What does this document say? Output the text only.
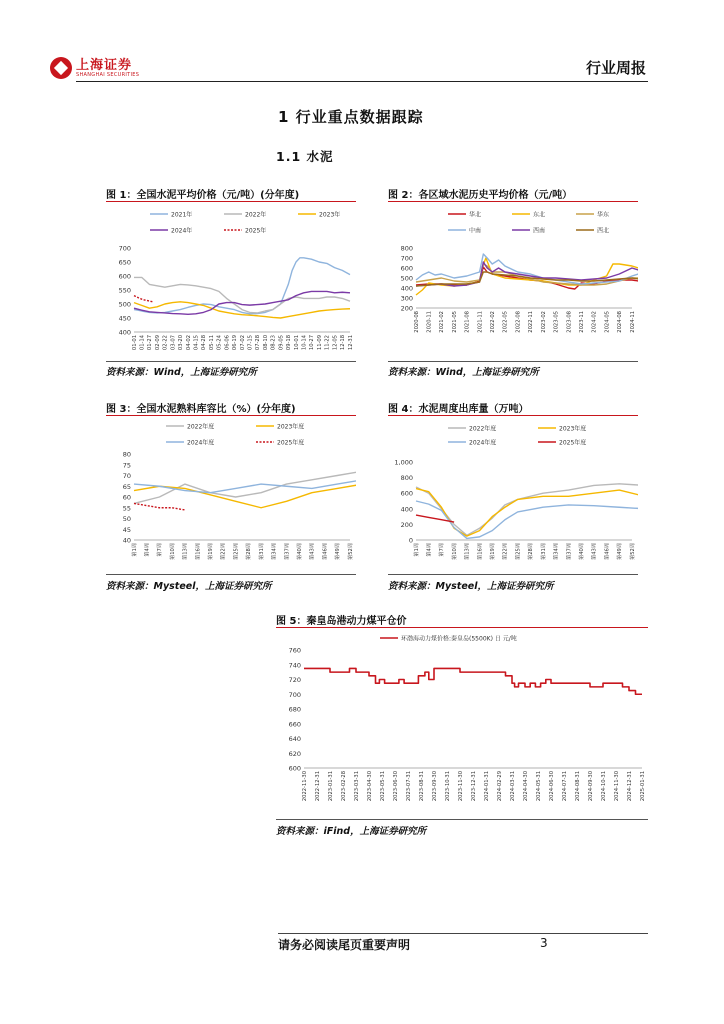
上海证券
SHANGHAI SECURITIES	行业周报
1 行业重点数据跟踪
1.1 水泥
图 1：全国水泥平均价格（元/吨）(分年度)
400
450
500
550
600
650
700
01-01 01-14 01-27 02-09 02-22 03-07 03-20 04-02 04-15 04-28 05-11 05-24 06-06 06-19 07-02 07-15 07-28 08-10 08-23 09-05 09-18 10-01 10-14 10-27 11-09 11-22 12-05 12-18 12-31
2021年	2022年	2023年
2024年	2025年
资料来源：Wind，上海证券研究所
图 2：各区域水泥历史平均价格（元/吨）
200
300
400
500
600
700
800
2020-08 2020-11 2021-02 2021-05 2021-08 2021-11 2022-02 2022-05 2022-08 2022-11 2023-02 2023-05 2023-08 2023-11 2024-02 2024-05 2024-08 2024-11
华北	东北	华东
中南	西南	西北
资料来源：Wind，上海证券研究所
图 3：全国水泥熟料库容比（%）(分年度)
40
45
50
55
60
65
70
75
80
第1周	第4周	第7周	第10周	第13周	第16周	第19周	第22周	第25周	第28周	第31周	第34周	第37周	第40周	第43周	第46周	第49周	第52周
2022年度	2023年度
2024年度	2025年度
资料来源：Mysteel，上海证券研究所
图 4：水泥周度出库量（万吨）
0
200
400
600
800
1,000
第1周	第4周	第7周	第10周	第13周	第16周	第19周	第22周	第25周	第28周	第31周	第34周	第37周	第40周	第43周	第46周	第49周	第52周
2022年度	2023年度
2024年度	2025年度
资料来源：Mysteel，上海证券研究所
图 5：秦皇岛港动力煤平仓价
600
620
640
660
680
700
720
740
760
2022-11-30 2022-12-31 2023-01-31 2023-02-28 2023-03-31 2023-04-30 2023-05-31 2023-06-30 2023-07-31 2023-08-31 2023-09-30 2023-10-31 2023-11-30 2023-12-31 2024-01-31 2024-02-29 2024-03-31 2024-04-30 2024-05-31 2024-06-30 2024-07-31 2024-08-31 2024-09-30 2024-10-31 2024-11-30 2024-12-31 2025-01-31
环渤海动力煤价格:秦皇岛(5500K) 日 元/吨
资料来源：iFind，上海证券研究所
请务必阅读尾页重要声明	3
